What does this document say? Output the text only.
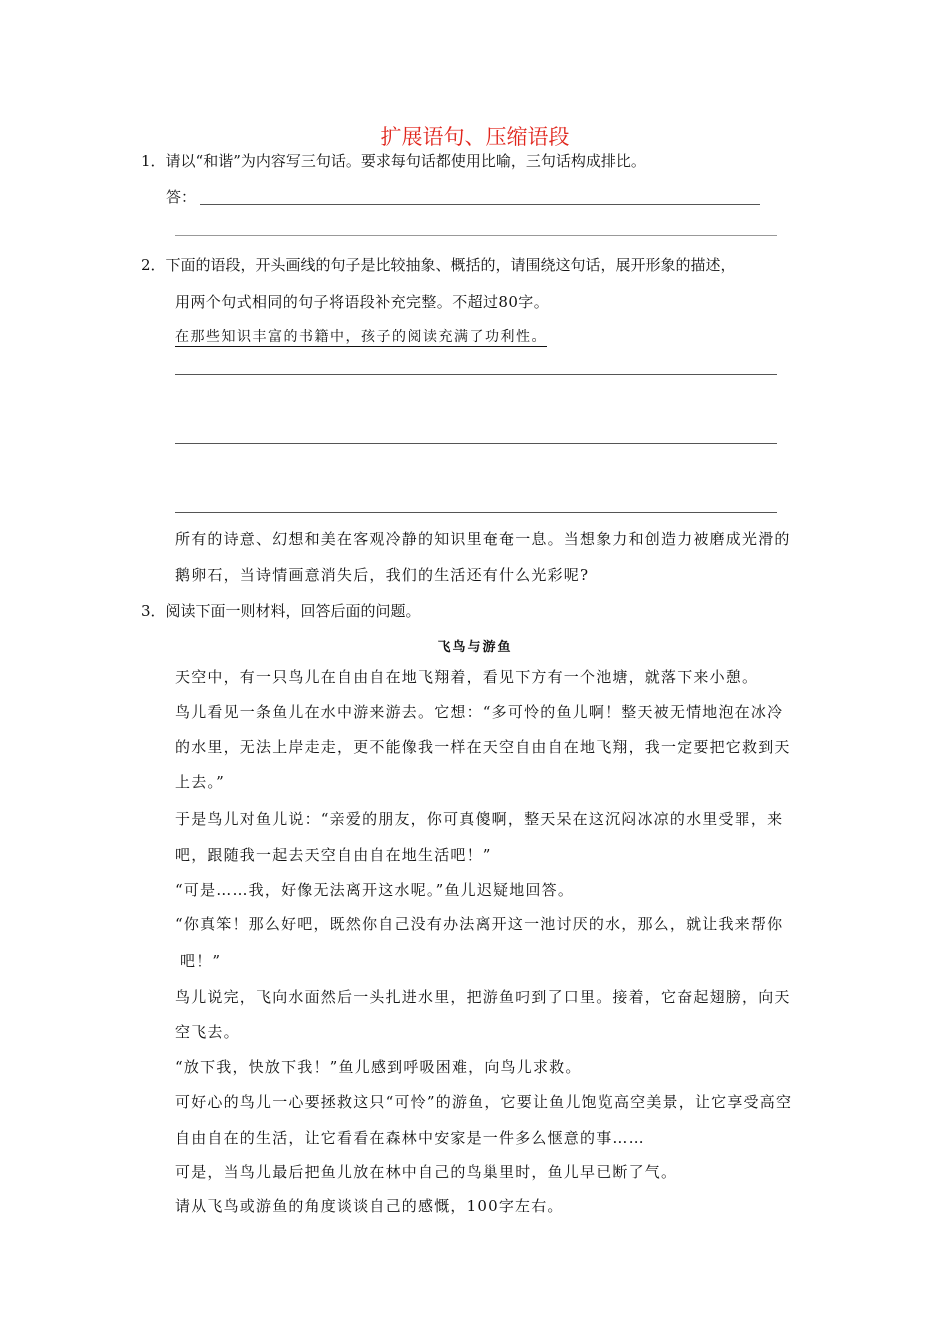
扩展语句、压缩语段
1．请以“和谐”为内容写三句话。要求每句话都使用比喻，三句话构成排比。
答：
2．下面的语段，开头画线的句子是比较抽象、概括的，请围绕这句话，展开形象的描述，
用两个句式相同的句子将语段补充完整。不超过80字。
在那些知识丰富的书籍中，孩子的阅读充满了功利性。
所有的诗意、幻想和美在客观冷静的知识里奄奄一息。当想象力和创造力被磨成光滑的
鹅卵石，当诗情画意消失后，我们的生活还有什么光彩呢?
3．阅读下面一则材料，回答后面的问题。
飞鸟与游鱼
天空中，有一只鸟儿在自由自在地飞翔着，看见下方有一个池塘，就落下来小憩。
鸟儿看见一条鱼儿在水中游来游去。它想：“多可怜的鱼儿啊！整天被无情地泡在冰冷
的水里，无法上岸走走，更不能像我一样在天空自由自在地飞翔，我一定要把它救到天
上去。”
于是鸟儿对鱼儿说：“亲爱的朋友，你可真傻啊，整天呆在这沉闷冰凉的水里受罪，来
吧，跟随我一起去天空自由自在地生活吧！”
“可是……我，好像无法离开这水呢。”鱼儿迟疑地回答。
“你真笨！那么好吧，既然你自己没有办法离开这一池讨厌的水，那么，就让我来帮你
吧！”
鸟儿说完，飞向水面然后一头扎进水里，把游鱼叼到了口里。接着，它奋起翅膀，向天
空飞去。
“放下我，快放下我！”鱼儿感到呼吸困难，向鸟儿求救。
可好心的鸟儿一心要拯救这只“可怜”的游鱼，它要让鱼儿饱览高空美景，让它享受高空
自由自在的生活，让它看看在森林中安家是一件多么惬意的事……
可是，当鸟儿最后把鱼儿放在林中自己的鸟巢里时，鱼儿早已断了气。
请从飞鸟或游鱼的角度谈谈自己的感慨，100字左右。
